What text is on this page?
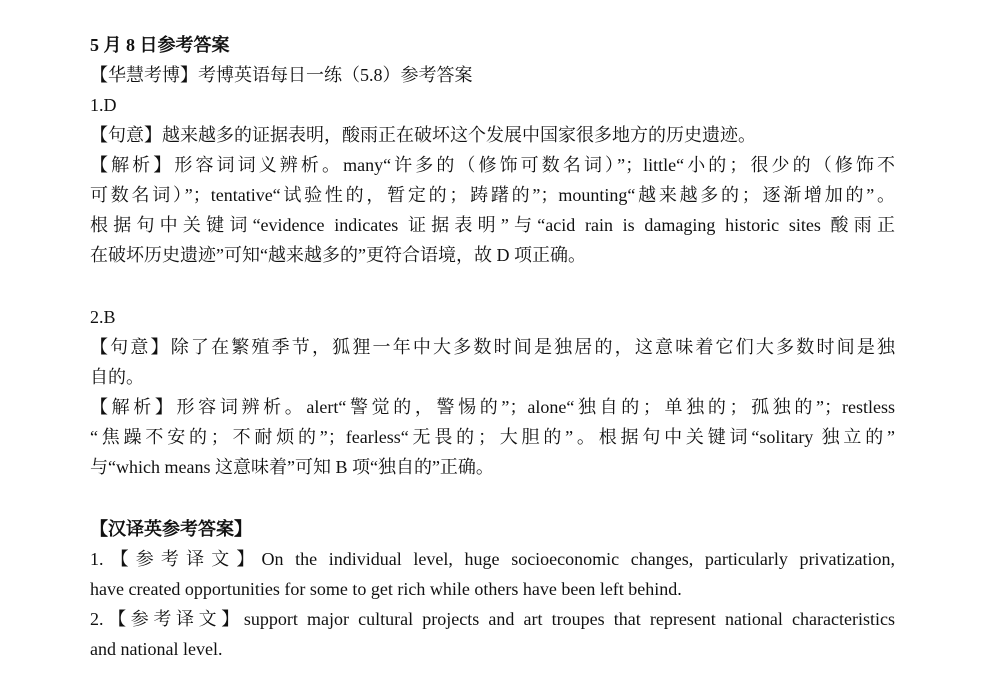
5 月 8 日参考答案
【华慧考博】考博英语每日一练（5.8）参考答案
1.D
【句意】越来越多的证据表明，酸雨正在破坏这个发展中国家很多地方的历史遗迹。
【解析】形容词词义辨析。many“许多的（修饰可数名词）”；little“小的；很少的（修饰不
可数名词）”；tentative“试验性的，暂定的；踌躇的”；mounting“越来越多的；逐渐增加的”。
根据句中关键词“evidence indicates 证据表明”与“acid rain is damaging historic sites 酸雨正
在破坏历史遗迹”可知“越来越多的”更符合语境，故 D 项正确。
2.B
【句意】除了在繁殖季节，狐狸一年中大多数时间是独居的，这意味着它们大多数时间是独
自的。
【解析】形容词辨析。alert“警觉的，警惕的”；alone“独自的；单独的；孤独的”；restless
“焦躁不安的；不耐烦的”；fearless“无畏的；大胆的”。根据句中关键词“solitary 独立的”
与“which means 这意味着”可知 B 项“独自的”正确。
【汉译英参考答案】
1.【参考译文】On the individual level, huge socioeconomic changes, particularly privatization,
have created opportunities for some to get rich while others have been left behind.
2.【参考译文】support major cultural projects and art troupes that represent national characteristics
and national level.
